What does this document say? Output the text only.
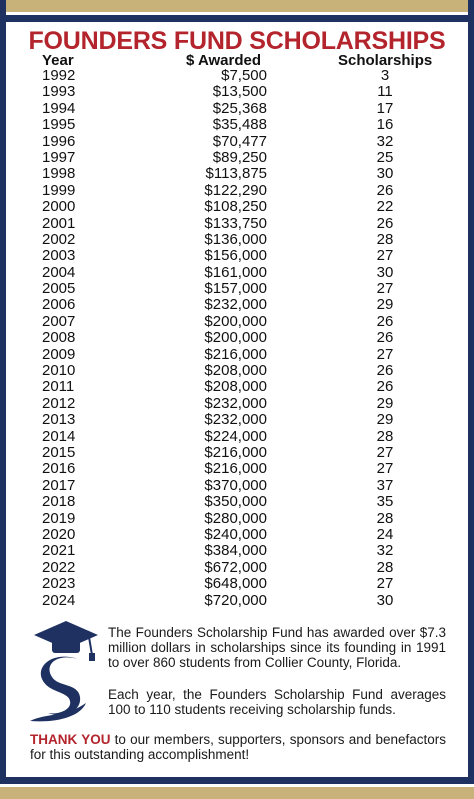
FOUNDERS FUND SCHOLARSHIPS
Year	$ Awarded	Scholarships
1992	$7,500	3
1993	$13,500	11
1994	$25,368	17
1995	$35,488	16
1996	$70,477	32
1997	$89,250	25
1998	$113,875	30
1999	$122,290	26
2000	$108,250	22
2001	$133,750	26
2002	$136,000	28
2003	$156,000	27
2004	$161,000	30
2005	$157,000	27
2006	$232,000	29
2007	$200,000	26
2008	$200,000	26
2009	$216,000	27
2010	$208,000	26
2011	$208,000	26
2012	$232,000	29
2013	$232,000	29
2014	$224,000	28
2015	$216,000	27
2016	$216,000	27
2017	$370,000	37
2018	$350,000	35
2019	$280,000	28
2020	$240,000	24
2021	$384,000	32
2022	$672,000	28
2023	$648,000	27
2024	$720,000	30

The Founders Scholarship Fund has awarded over $7.3 million dollars in scholarships since its founding in 1991 to over 860 students from Collier County, Florida.

Each year, the Founders Scholarship Fund averages 100 to 110 students receiving scholarship funds.

THANK YOU to our members, supporters, sponsors and benefactors for this outstanding accomplishment!
